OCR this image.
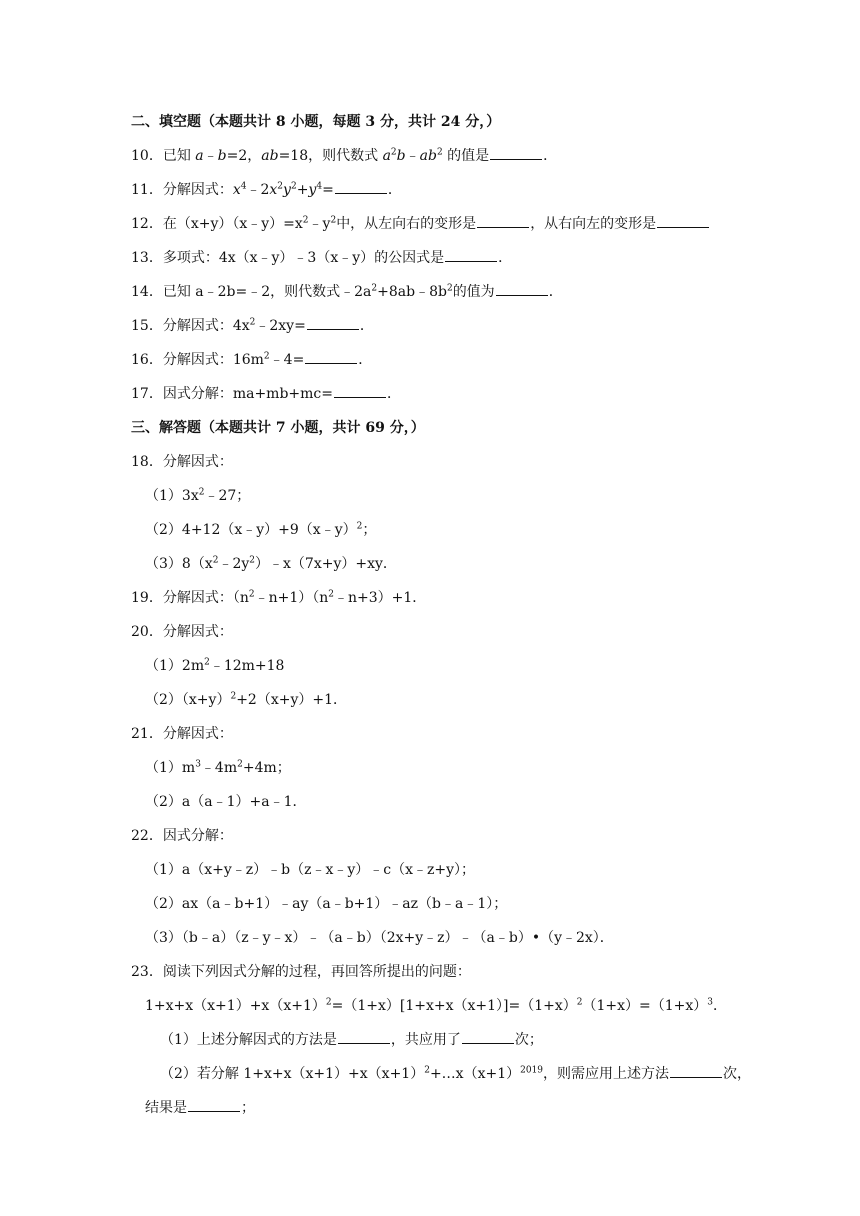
二、填空题（本题共计 8 小题，每题 3 分，共计 24 分，）
10．已知 a﹣b=2，ab=18，则代数式 $a^2b﹣ab^2$ 的值是	．
11．分解因式：$x^4﹣2x^2y^2+y^4=$	．
12．在$(x+y)(x﹣y)=x^2﹣y^2$中，从左向右的变形是	，从右向左的变形是
13．多项式：4x（x﹣y）﹣3（x﹣y）的公因式是	．
14．已知 a﹣2b=﹣2，则代数式$﹣2a^2+8ab﹣8b^2$的值为	．
15．分解因式：$4x^2﹣2xy=$	．
16．分解因式：$16m^2﹣4=$	．
17．因式分解：ma+mb+mc=	．
三、解答题（本题共计 7 小题，共计 69 分，）
18．分解因式：
$(1)3x^2﹣27$；
（2）4+12（x﹣y）+9（x﹣y）$^2$；
$(3)8(x^2﹣2y^2)﹣x(7x+y)+xy$．
19．分解因式：$(n^2﹣n+1)(n^2﹣n+3)+1$．
20．分解因式：
$(1)2m^2﹣12m+18$
$(2)(x+y)^2+2(x+y)+1$．
21．分解因式：
$(1)m^3﹣4m^2+4m$；
（2）a（a﹣1）+a﹣1．
22．因式分解：
（1）a（x+y﹣z）﹣b（z﹣x﹣y）﹣c（x﹣z+y）；
（2）ax（a﹣b+1）﹣ay（a﹣b+1）﹣az（b﹣a﹣1）；
（3）（b﹣a）（z﹣y﹣x）﹣（a﹣b）（2x+y﹣z）﹣（a﹣b）•（y﹣2x）．
23．阅读下列因式分解的过程，再回答所提出的问题：
$1+x+x(x+1)+x(x+1)^2=(1+x)[1+x+x(x+1)]=(1+x)^2(1+x)=(1+x)^3$．
（1）上述分解因式的方法是	，共应用了	次；
（2）若分解 $1+x+x(x+1)+x(x+1)^2+\dots x(x+1)^{2019}$，则需应用上述方法	次，
结果是	；
